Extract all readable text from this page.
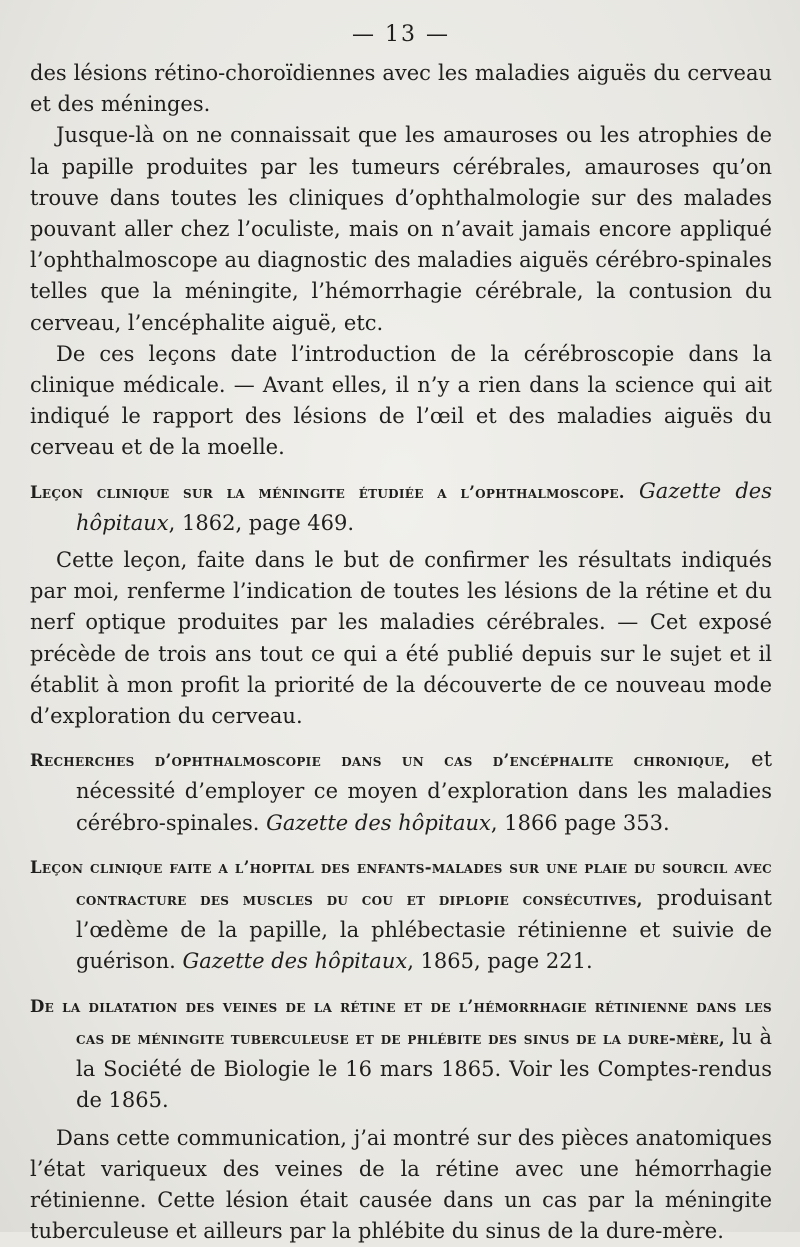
— 13 —

des lésions rétino-choroïdiennes avec les maladies aiguës du cerveau et des méninges.

Jusque-là on ne connaissait que les amauroses ou les atrophies de la papille produites par les tumeurs cérébrales, amauroses qu’on trouve dans toutes les cliniques d’ophthalmologie sur des malades pouvant aller chez l’oculiste, mais on n’avait jamais encore appliqué l’ophthalmoscope au diagnostic des maladies aiguës cérébro-spinales telles que la méningite, l’hémorrhagie cérébrale, la contusion du cerveau, l’encéphalite aiguë, etc.

De ces leçons date l’introduction de la cérébroscopie dans la clinique médicale. — Avant elles, il n’y a rien dans la science qui ait indiqué le rapport des lésions de l’œil et des maladies aiguës du cerveau et de la moelle.

Leçon clinique sur la méningite étudiée a l’ophthalmoscope. Gazette des hôpitaux, 1862, page 469.

Cette leçon, faite dans le but de confirmer les résultats indiqués par moi, renferme l’indication de toutes les lésions de la rétine et du nerf optique produites par les maladies cérébrales. — Cet exposé précède de trois ans tout ce qui a été publié depuis sur le sujet et il établit à mon profit la priorité de la découverte de ce nouveau mode d’exploration du cerveau.

Recherches d’ophthalmoscopie dans un cas d’encéphalite chronique, et nécessité d’employer ce moyen d’exploration dans les maladies cérébro-spinales. Gazette des hôpitaux, 1866 page 353.
Leçon clinique faite a l’hopital des enfants-malades sur une plaie du sourcil avec contracture des muscles du cou et diplopie consécutives, produisant l’œdème de la papille, la phlébectasie rétinienne et suivie de guérison. Gazette des hôpitaux, 1865, page 221.
De la dilatation des veines de la rétine et de l’hémorrhagie rétinienne dans les cas de méningite tuberculeuse et de phlébite des sinus de la dure-mère, lu à la Société de Biologie le 16 mars 1865. Voir les Comptes-rendus de 1865.

Dans cette communication, j’ai montré sur des pièces anatomiques l’état variqueux des veines de la rétine avec une hémorrhagie rétinienne. Cette lésion était causée dans un cas par la méningite tuberculeuse et ailleurs par la phlébite du sinus de la dure-mère.
